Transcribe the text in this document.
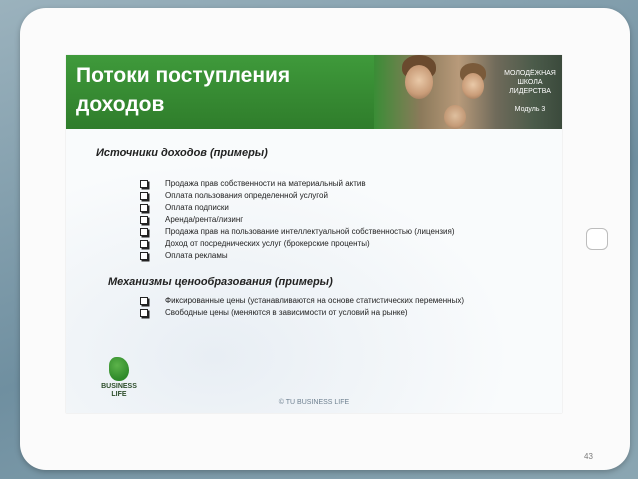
Потоки поступления
доходов
МОЛОДЁЖНАЯ
ШКОЛА
ЛИДЕРСТВА
Модуль 3
Источники доходов (примеры)
Продажа прав собственности на материальный актив
Оплата пользования определенной услугой
Оплата подписки
Аренда/рента/лизинг
Продажа прав на пользование интеллектуальной собственностью (лицензия)
Доход от посреднических услуг (брокерские проценты)
Оплата рекламы
Механизмы ценообразования (примеры)
Фиксированные цены (устанавливаются на основе статистических переменных)
Свободные цены (меняются в зависимости от условий на рынке)
BUSINESS
LIFE
© TU BUSINESS LIFE
43
